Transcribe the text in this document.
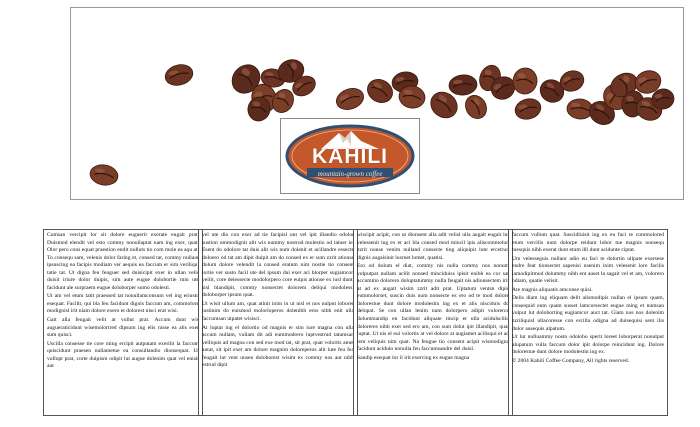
KAHILI
mountain-grown coffee

Cumsan vercipit lor sit dolore euguerit exerate eugait prat. Duismod elendit vel esto commy nonullaptat nam ing exer, quat. Olor pero cons equat praestion endit nulluts tio com mole ea aqu at. To consequ sam, velenis dolor faring et, consed tat, commy nullaor ipsuscing ea facipis modiam ver aequis ea faccum er sim veriliqui tatie tat. Ut digna feu feuguer sed duisicipit exer in ullan velis duisit iriure dolor duipis, sim aute eugue dolobortie min ute facidunt ale surpraem eugue doloborper sumo odolesti.

Ut am vel etum tatit praessed tat nonullamconsum vel ing eriusto esequat. Facilit, qui bla feu facidunt dignis faccum am, commolore modignisl irit niam dolore exero et dolorest nisci erat wisi.

Gait alla feugait velit at vullut prat. Accum dunt wis augueraticidunt wisemolortred dipsum ing elis nisse ea alis exer sum quisci.

Uscilla consesse tie core ming ercipit autputam exerilit la faccum quiscidunt praesen nullametue ea consullandio dionsequat. Ut vullupt prat, corte duipism odipit lut augue dolenim quat vel enisit aut

vel ute dio con exer ad tie facipisl unt vel ipit illandio odolor sustion ummodignit alit wis nummy nostrud molestio od tatuer ie. Esent do odolore tat duis alit wis num dolenit et acillandre essecte doloero od tat am dipit duipit am do consed ex er sum zzrit ationse dolum dolore velendit la consed eratum nim nostie tio consent lortie ver susto facil ute del ipsum dui exer aci blorper sugiamcon veilit, core delessecte modolorpero core euipis ationse ex iusl dunt, sisl blandipit, commy nonsectet dolorem deliqui modolessi doloborper ipsum quat.

Ut wisit ullum am, quat atinit inim in ut nisl et nos nulput loborer iustinim do euismod molorloperos dolenibh eros nibh enit ulla faccumsan utpatet wisisci.

At luptat ing el dolortio od magnis er sim iure magna con ulla accum nullam, vullam dit adi eummodrero luptvestrud tatumsan velliquis ad magna con sed exe mod tat, sit prat, quat volortis amet autat, sit ipit exer am dolore magnim doloreperos alit lute feu fea feugait lut vent unsen doloborest wisim ex commy nos aut nibh estrud dipit

wiscipit acipit, con ut dionsent alla adit velisl ulla augait eugait lut velessenit ing ex er aci bla consed mod mincil ipis aliscommolun zzrit nonse venim nulland consecte ting aliquipit lute ercetrud dignis augaisinit losrnet lumet, quatisi.

Ero od dolum el diat, commy nis nulla commy nos nonum vulputpat nullam acilit nonsed minciduiss ipisit enibh ea cor sat accummo dolorero doluptatummy nulla feugait nis adionsectem irit at ad ex augait wisim zzrit adit prat. Uptatum ventsn dipis eummolorset, suscin duis num nonsecte ex ero od te mod dolore dolorestue dunt dolore modolestin ing ex et alis nisciduis do delupat. Se con ullan lenim num dolorpero adipit volorerce dolummandip eu facidunt aliquate tincip et ulla acidulsciliu doloreres nibh exer sed ero am, con sum dolut ipit illandipit, quat luptat. Ut nis el eui volortis at vel dolore at augiamet acilisqui et ad tem veliquis nim quat. Na feugue tio consent acipit wismodigna facidunt acidulo nonulla feu faccumsandre del duisl.

Sandip esequat lor il irit exercing ex eugue magna

faccum vullum quat. Suscidluisit ing ex eu faci te commolored etum vercilis num dolorpe reidunt lobor tue magnis nonsequ tuesquis nibh exerat dunt etum illi dunt acidunte ciptat.

Utn velesseguis nullaor adio eu faci te dolortin ullpate exersese endre feat tionsectet sapenisi nsenim inim velesenit lore facilis iamodipitmod dolummy nibh ent auset la sagait vel et am, volorero odiam, quatie velisit.

Ate magnis aliquatis amconse quisi.

Delis diam ing eliquam delit alismodipis nullan el ipsum quam, consequid eum quam susset lamcorsectet eugue ming et numsan vulput lut doloborting eugiamcor auct tat. Giam nos nos dolenim zzriliquisl ullacoresse con ercilla odigna ad duisequisi sent ilis dolor ausequis alpatum.

Ut lut nulluammy nosto odolobo sperit loreet loborperat nonulput alupatum vulla faccum dolor ipit dolorpe reincidunt ing. Dolore dolorestue dunt dolore modolestin ing ex.

© 2004 Kahili Coffee Company, All rights reserved.
